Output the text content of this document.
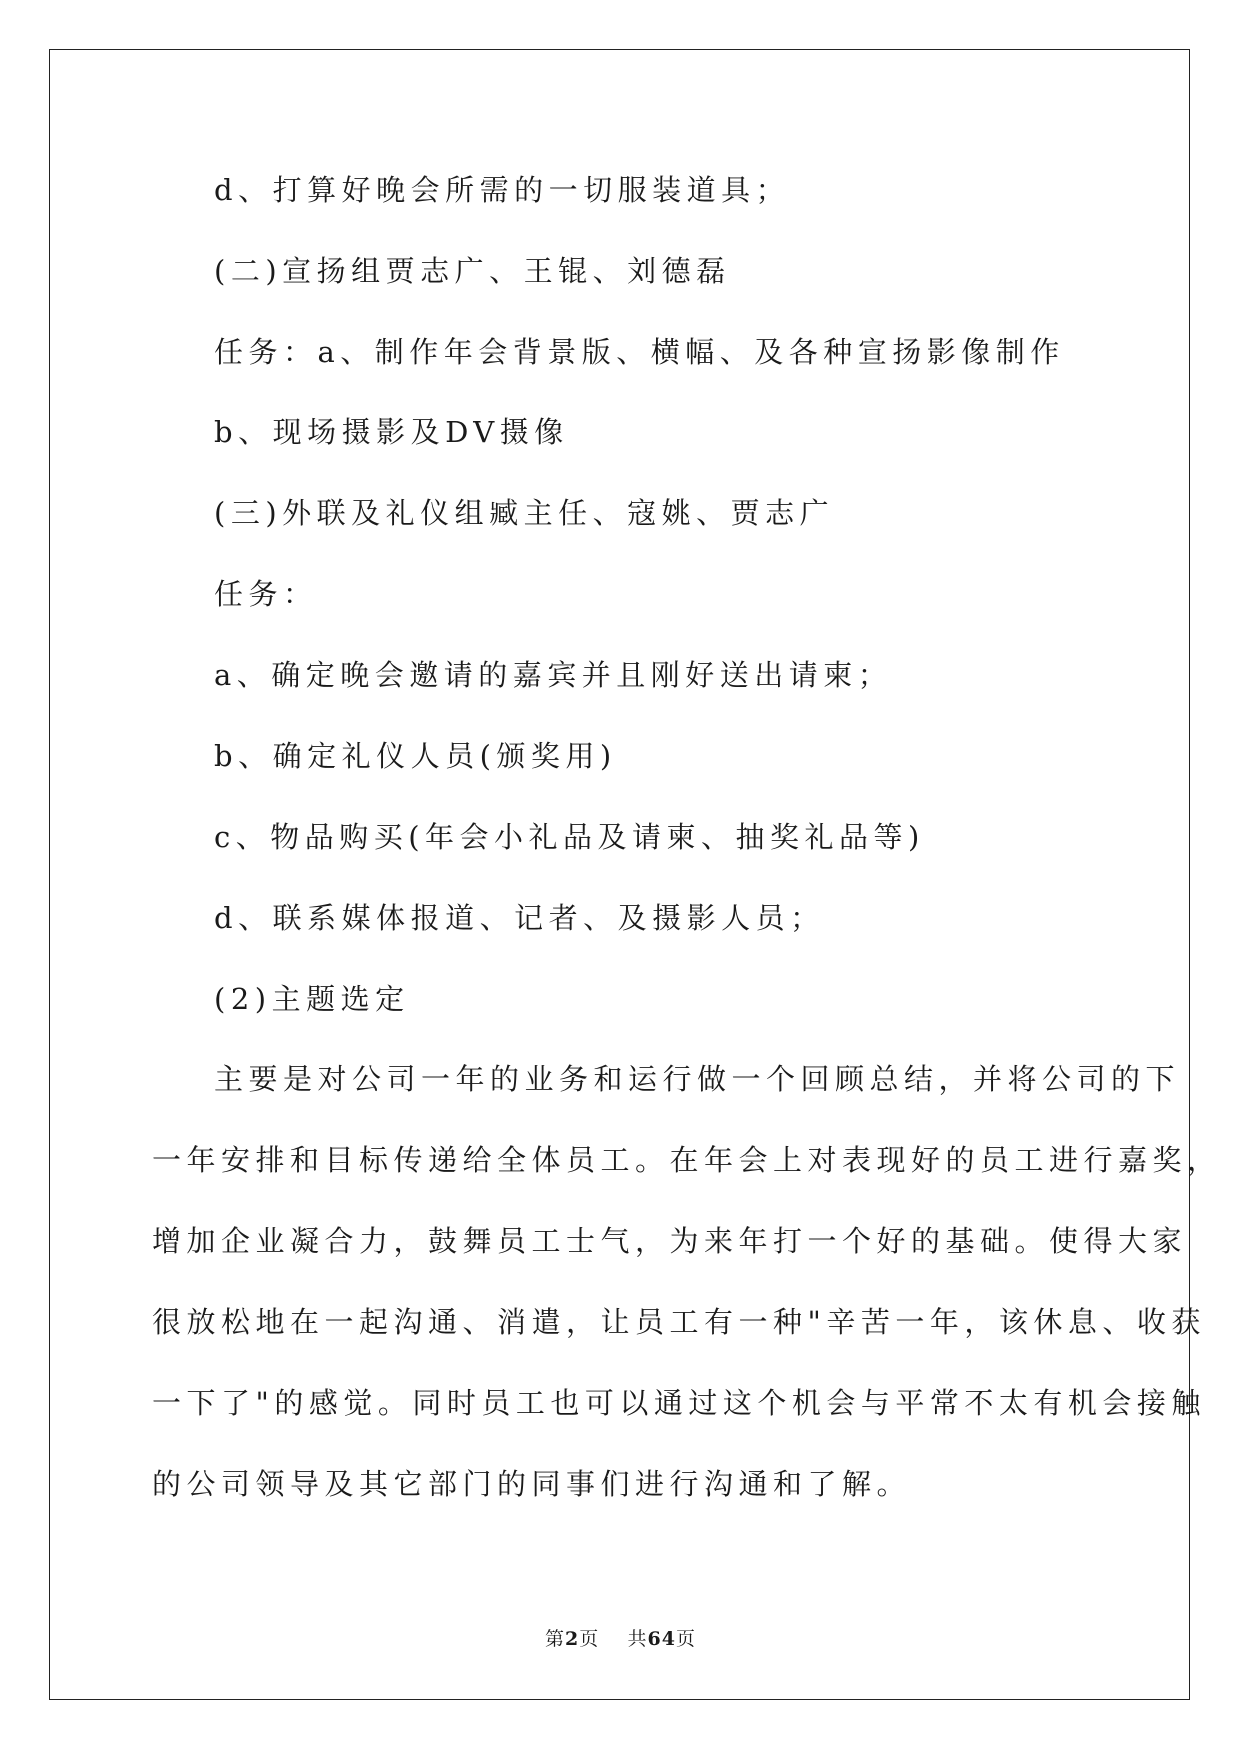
d、打算好晚会所需的一切服装道具；
(二)宣扬组贾志广、王锟、刘德磊
任务：a、制作年会背景版、横幅、及各种宣扬影像制作
b、现场摄影及DV摄像
(三)外联及礼仪组臧主任、寇姚、贾志广
任务：
a、确定晚会邀请的嘉宾并且刚好送出请柬；
b、确定礼仪人员(颁奖用)
c、物品购买(年会小礼品及请柬、抽奖礼品等)
d、联系媒体报道、记者、及摄影人员；
(2)主题选定
主要是对公司一年的业务和运行做一个回顾总结，并将公司的下
一年安排和目标传递给全体员工。在年会上对表现好的员工进行嘉奖，
增加企业凝合力，鼓舞员工士气，为来年打一个好的基础。使得大家
很放松地在一起沟通、消遣，让员工有一种"辛苦一年，该休息、收获
一下了"的感觉。同时员工也可以通过这个机会与平常不太有机会接触
的公司领导及其它部门的同事们进行沟通和了解。
第2页 共64页
